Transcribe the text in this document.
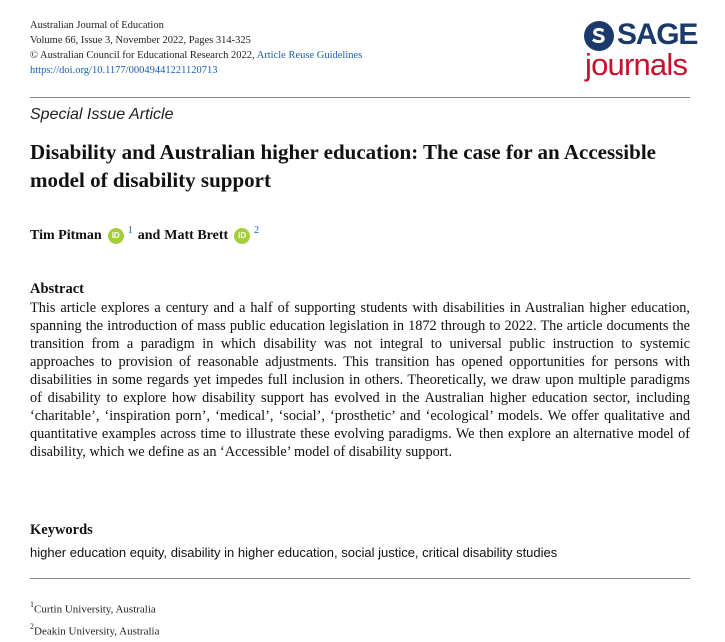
Australian Journal of Education
Volume 66, Issue 3, November 2022, Pages 314-325
© Australian Council for Educational Research 2022, Article Reuse Guidelines
https://doi.org/10.1177/00049441221120713
SAGE
journals
Special Issue Article
Disability and Australian higher education: The case for an Accessible model of disability support
Tim Pitman	iD $^1$ and Matt Brett	iD $^2$
Abstract

This article explores a century and a half of supporting students with disabilities in Australian higher education, spanning the introduction of mass public education legislation in 1872 through to 2022. The article documents the transition from a paradigm in which disability was not integral to universal public instruction to systemic approaches to provision of reasonable adjustments. This transition has opened opportunities for persons with disabilities in some regards yet impedes full inclusion in others. Theoretically, we draw upon multiple paradigms of disability to explore how disability support has evolved in the Australian higher education sector, including ‘charitable’, ‘inspiration porn’, ‘medical’, ‘social’, ‘prosthetic’ and ‘ecological’ models. We offer qualitative and quantitative examples across time to illustrate these evolving paradigms. We then explore an alternative model of disability, which we define as an ‘Accessible’ model of disability support.

Keywords

higher education equity, disability in higher education, social justice, critical disability studies

$^1$Curtin University, Australia
$^2$Deakin University, Australia
